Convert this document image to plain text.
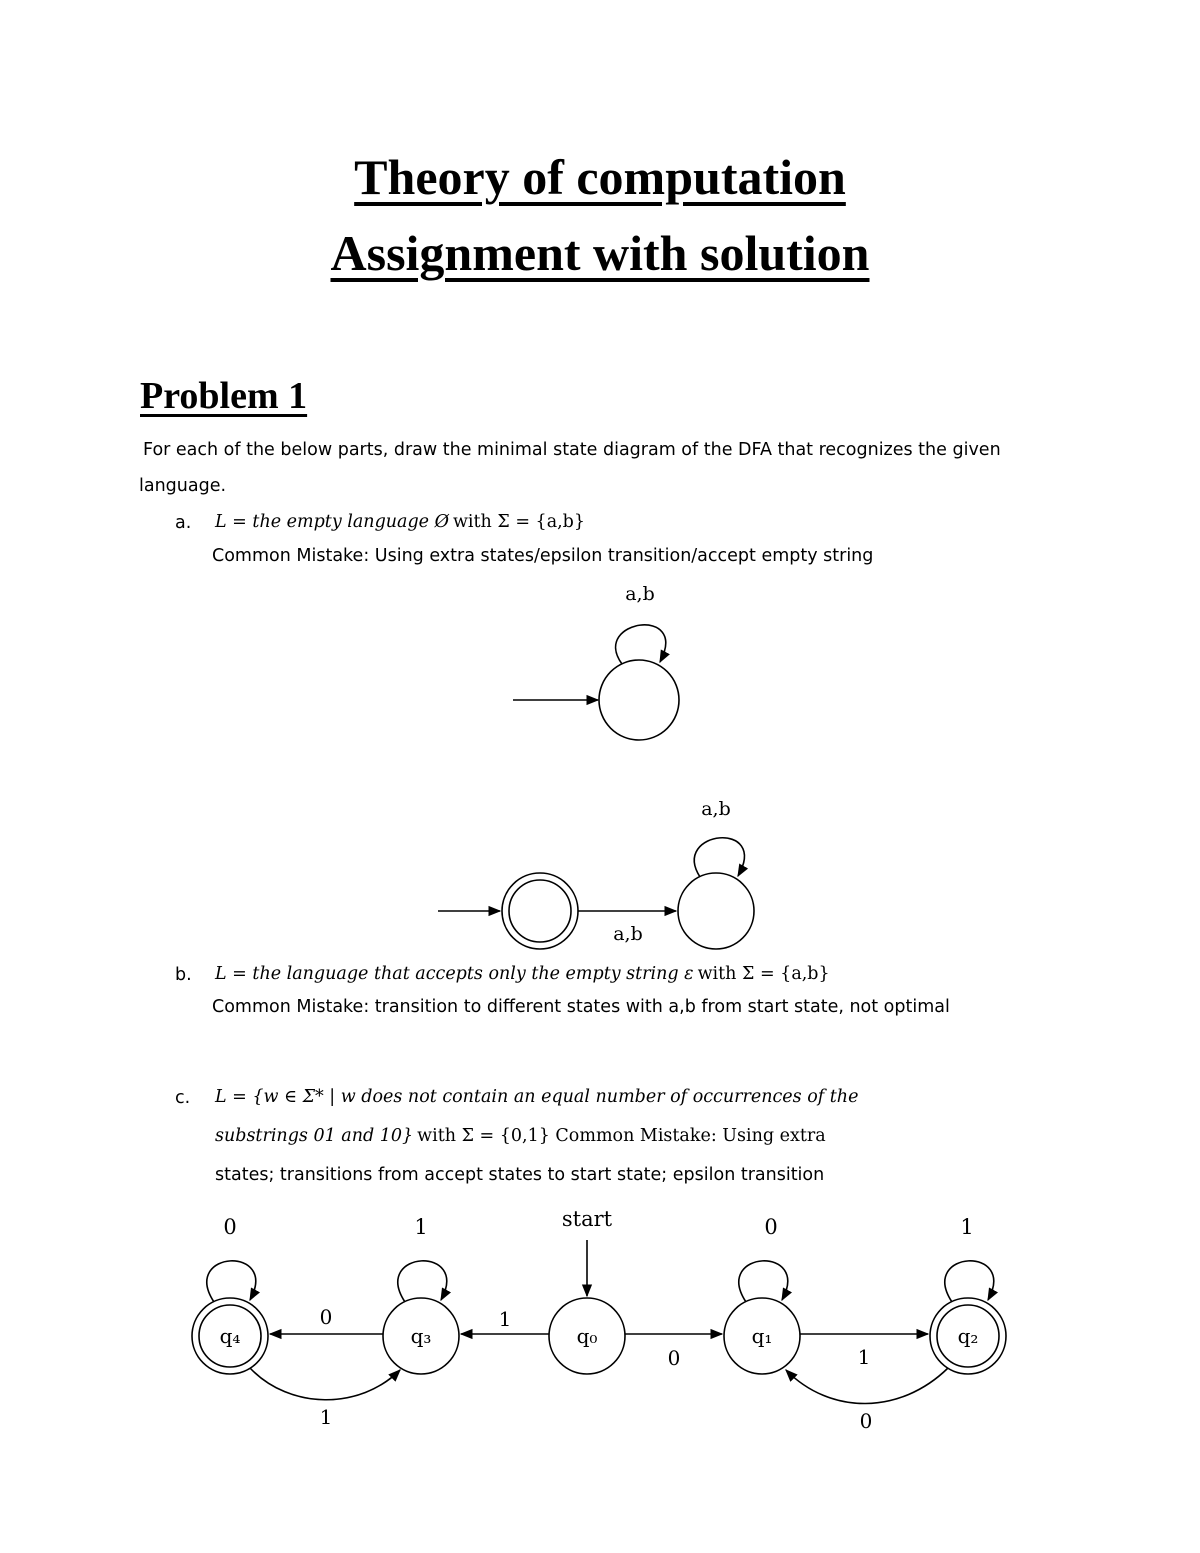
Theory of computation
Assignment with solution
Problem 1
For each of the below parts, draw the minimal state diagram of the DFA that recognizes the given
language.
a. L = the empty language Ø with Σ = {a,b}
Common Mistake: Using extra states/epsilon transition/accept empty string
a,b
a,b
a,b
start
q₄	q₃	q₀	q₁	q₂
0	1	0	1
0	1
0	1
1	0
b. L = the language that accepts only the empty string ε with Σ = {a,b}
Common Mistake: transition to different states with a,b from start state, not optimal
c. L = {w ∈ Σ* | w does not contain an equal number of occurrences of the
substrings 01 and 10} with Σ = {0,1} Common Mistake: Using extra
states; transitions from accept states to start state; epsilon transition
